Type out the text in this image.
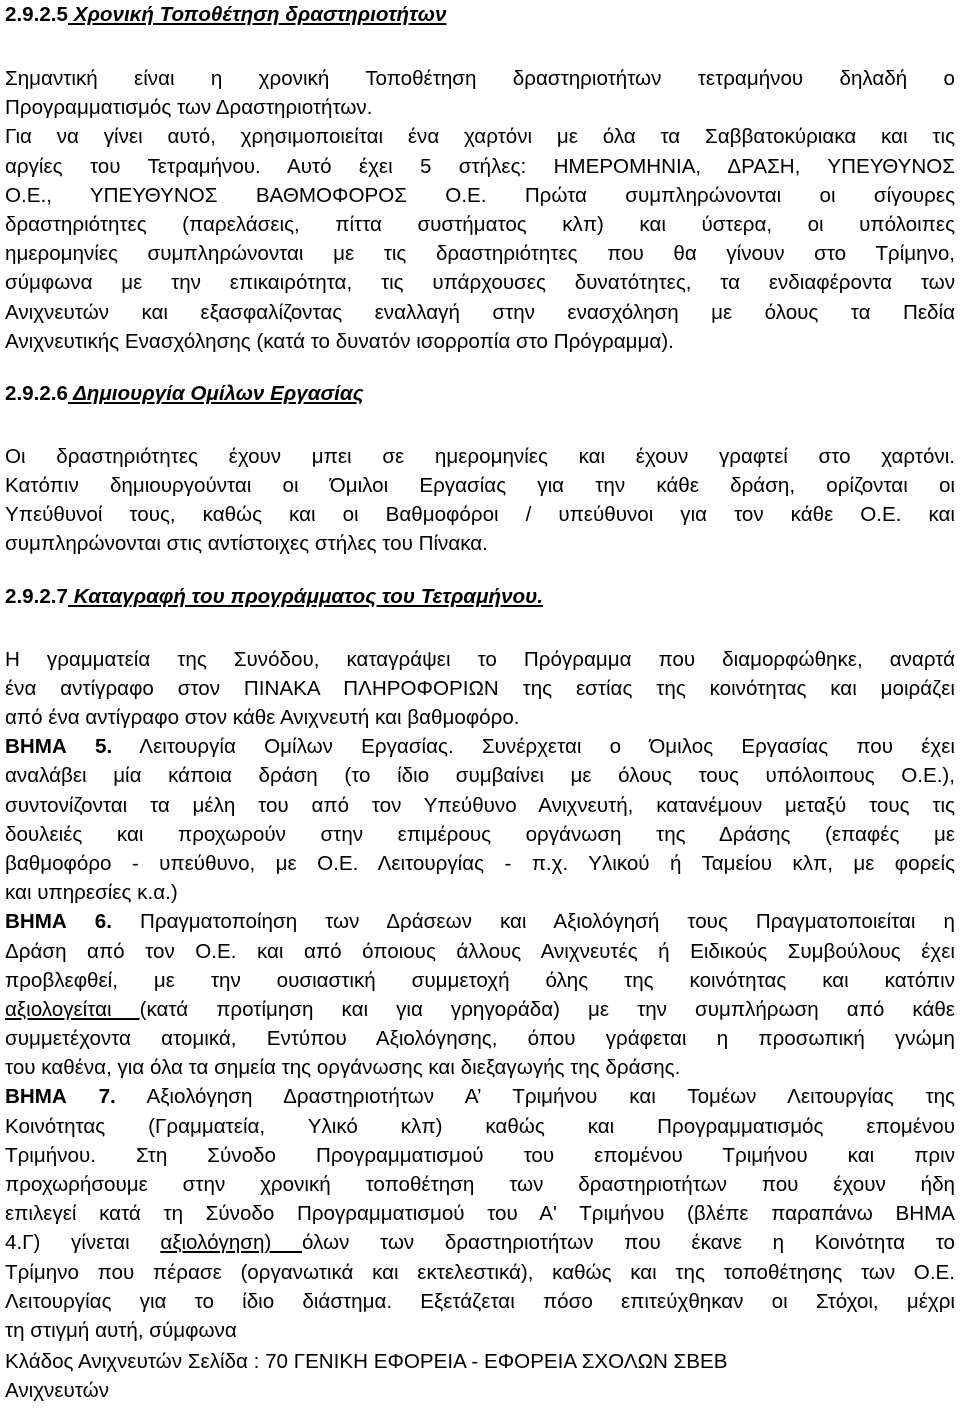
2.9.2.5 Χρονική Τοποθέτηση δραστηριοτήτων
Σημαντική είναι η χρονική Τοποθέτηση δραστηριοτήτων τετραμήνου δηλαδή ο
Προγραμματισμός των Δραστηριοτήτων.
Για να γίνει αυτό, χρησιμοποιείται ένα χαρτόνι με όλα τα Σαββατοκύριακα και τις
αργίες του Τετραμήνου. Αυτό έχει 5 στήλες: ΗΜΕΡΟΜΗΝΙΑ, ΔΡΑΣΗ, ΥΠΕΥΘΥΝΟΣ
Ο.Ε., ΥΠΕΥΘΥΝΟΣ ΒΑΘΜΟΦΟΡΟΣ Ο.Ε. Πρώτα συμπληρώνονται οι σίγουρες
δραστηριότητες (παρελάσεις, πίττα συστήματος κλπ) και ύστερα, οι υπόλοιπες
ημερομηνίες συμπληρώνονται με τις δραστηριότητες που θα γίνουν στο Τρίμηνο,
σύμφωνα με την επικαιρότητα, τις υπάρχουσες δυνατότητες, τα ενδιαφέροντα των
Ανιχνευτών και εξασφαλίζοντας εναλλαγή στην ενασχόληση με όλους τα Πεδία
Ανιχνευτικής Ενασχόλησης (κατά το δυνατόν ισορροπία στο Πρόγραμμα).
2.9.2.6 Δημιουργία Ομίλων Εργασίας
Οι δραστηριότητες έχουν μπει σε ημερομηνίες και έχουν γραφτεί στο χαρτόνι.
Κατόπιν δημιουργούνται οι Όμιλοι Εργασίας για την κάθε δράση, ορίζονται οι
Υπεύθυνοί τους, καθώς και οι Βαθμοφόροι / υπεύθυνοι για τον κάθε Ο.Ε. και
συμπληρώνονται στις αντίστοιχες στήλες του Πίνακα.
2.9.2.7 Καταγραφή του προγράμματος του Τετραμήνου.
Η γραμματεία της Συνόδου, καταγράψει το Πρόγραμμα που διαμορφώθηκε, αναρτά
ένα αντίγραφο στον ΠΙΝΑΚΑ ΠΛΗΡΟΦΟΡΙΩΝ της εστίας της κοινότητας και μοιράζει
από ένα αντίγραφο στον κάθε Ανιχνευτή και βαθμοφόρο.
ΒΗΜΑ 5. Λειτουργία Ομίλων Εργασίας. Συνέρχεται ο Όμιλος Εργασίας που έχει
αναλάβει μία κάποια δράση (το ίδιο συμβαίνει με όλους τους υπόλοιπους Ο.Ε.),
συντονίζονται τα μέλη του από τον Υπεύθυνο Ανιχνευτή, κατανέμουν μεταξύ τους τις
δουλειές και προχωρούν στην επιμέρους οργάνωση της Δράσης (επαφές με
βαθμοφόρο - υπεύθυνο, με Ο.Ε. Λειτουργίας - π.χ. Υλικού ή Ταμείου κλπ, με φορείς
και υπηρεσίες κ.α.)
ΒΗΜΑ 6. Πραγματοποίηση των Δράσεων και Αξιολόγησή τους Πραγματοποιείται η
Δράση από τον Ο.Ε. και από όποιους άλλους Ανιχνευτές ή Ειδικούς Συμβούλους έχει
προβλεφθεί, με την ουσιαστική συμμετοχή όλης της κοινότητας και κατόπιν
αξιολογείται (κατά προτίμηση και για γρηγοράδα) με την συμπλήρωση από κάθε
συμμετέχοντα ατομικά, Εντύπου Αξιολόγησης, όπου γράφεται η προσωπική γνώμη
του καθένα, για όλα τα σημεία της οργάνωσης και διεξαγωγής της δράσης.
ΒΗΜΑ 7. Αξιολόγηση Δραστηριοτήτων Α’ Τριμήνου και Τομέων Λειτουργίας της
Κοινότητας (Γραμματεία, Υλικό κλπ) καθώς και Προγραμματισμός επομένου
Τριμήνου. Στη Σύνοδο Προγραμματισμού του επομένου Τριμήνου και πριν
προχωρήσουμε στην χρονική τοποθέτηση των δραστηριοτήτων που έχουν ήδη
επιλεγεί κατά τη Σύνοδο Προγραμματισμού του Α' Τριμήνου (βλέπε παραπάνω ΒΗΜΑ
4.Γ) γίνεται αξιολόγηση) όλων των δραστηριοτήτων που έκανε η Κοινότητα το
Τρίμηνο που πέρασε (οργανωτικά και εκτελεστικά), καθώς και της τοποθέτησης των Ο.Ε.
Λειτουργίας για το ίδιο διάστημα. Εξετάζεται πόσο επιτεύχθηκαν οι Στόχοι, μέχρι
τη στιγμή αυτή, σύμφωνα
Κλάδος Ανιχνευτών Σελίδα : 70 ΓΕΝΙΚΗ ΕΦΟΡΕΙΑ - ΕΦΟΡΕΙΑ ΣΧΟΛΩΝ ΣΒΕΒ
Ανιχνευτών
